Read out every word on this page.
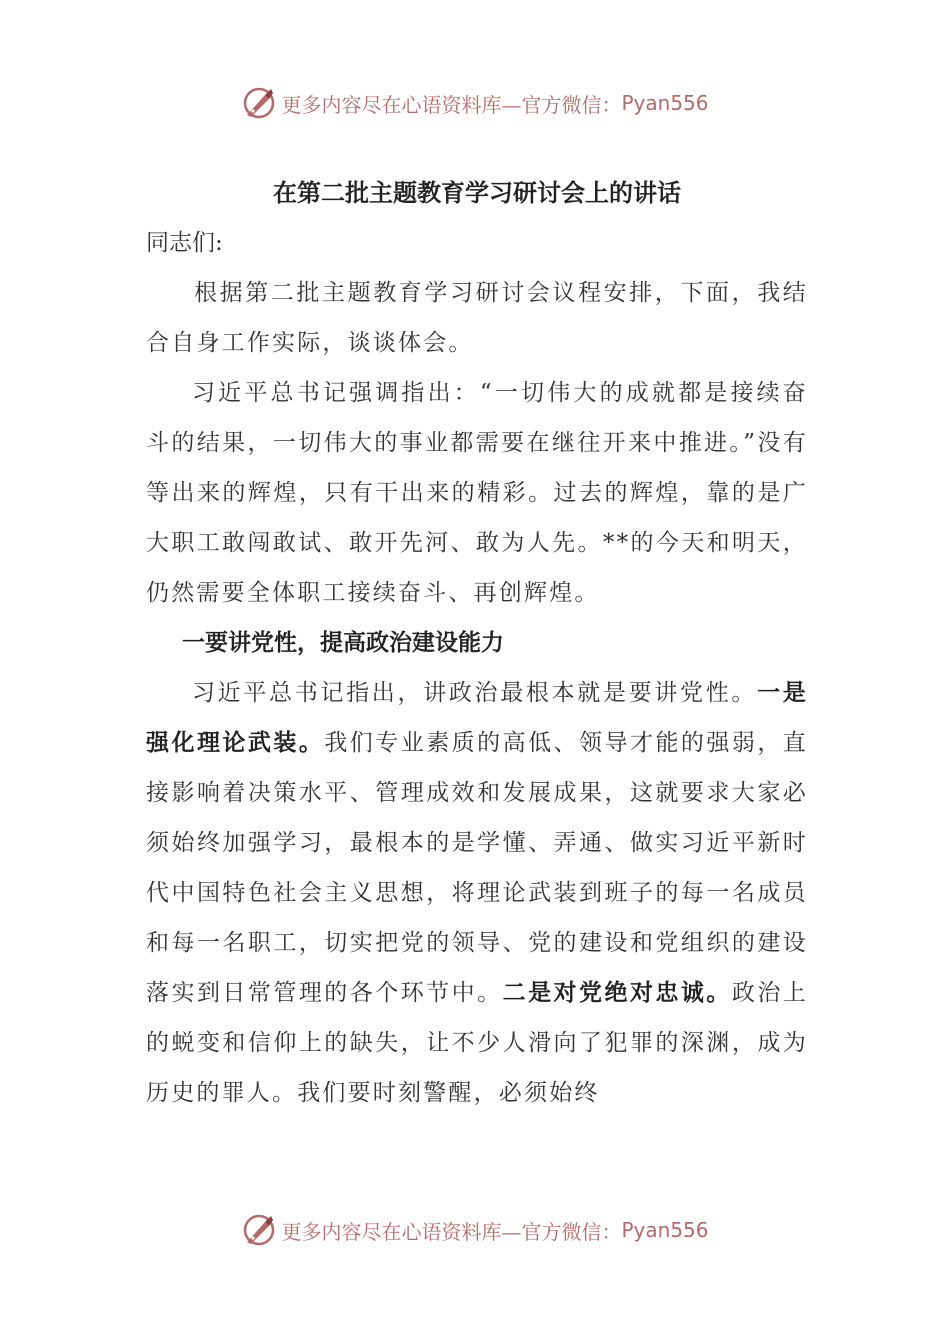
更多内容尽在心语资料库—官方微信： Pyan556
在第二批主题教育学习研讨会上的讲话
同志们:

根据第二批主题教育学习研讨会议程安排，下面，我结合自身工作实际，谈谈体会。

习近平总书记强调指出：“一切伟大的成就都是接续奋斗的结果，一切伟大的事业都需要在继往开来中推进。”没有等出来的辉煌，只有干出来的精彩。过去的辉煌，靠的是广大职工敢闯敢试、敢开先河、敢为人先。**的今天和明天，仍然需要全体职工接续奋斗、再创辉煌。

一要讲党性，提高政治建设能力

习近平总书记指出，讲政治最根本就是要讲党性。一是强化理论武装。我们专业素质的高低、领导才能的强弱，直接影响着决策水平、管理成效和发展成果，这就要求大家必须始终加强学习，最根本的是学懂、弄通、做实习近平新时代中国特色社会主义思想，将理论武装到班子的每一名成员和每一名职工，切实把党的领导、党的建设和党组织的建设落实到日常管理的各个环节中。二是对党绝对忠诚。政治上的蜕变和信仰上的缺失，让不少人滑向了犯罪的深渊，成为历史的罪人。我们要时刻警醒，必须始终

更多内容尽在心语资料库—官方微信： Pyan556
